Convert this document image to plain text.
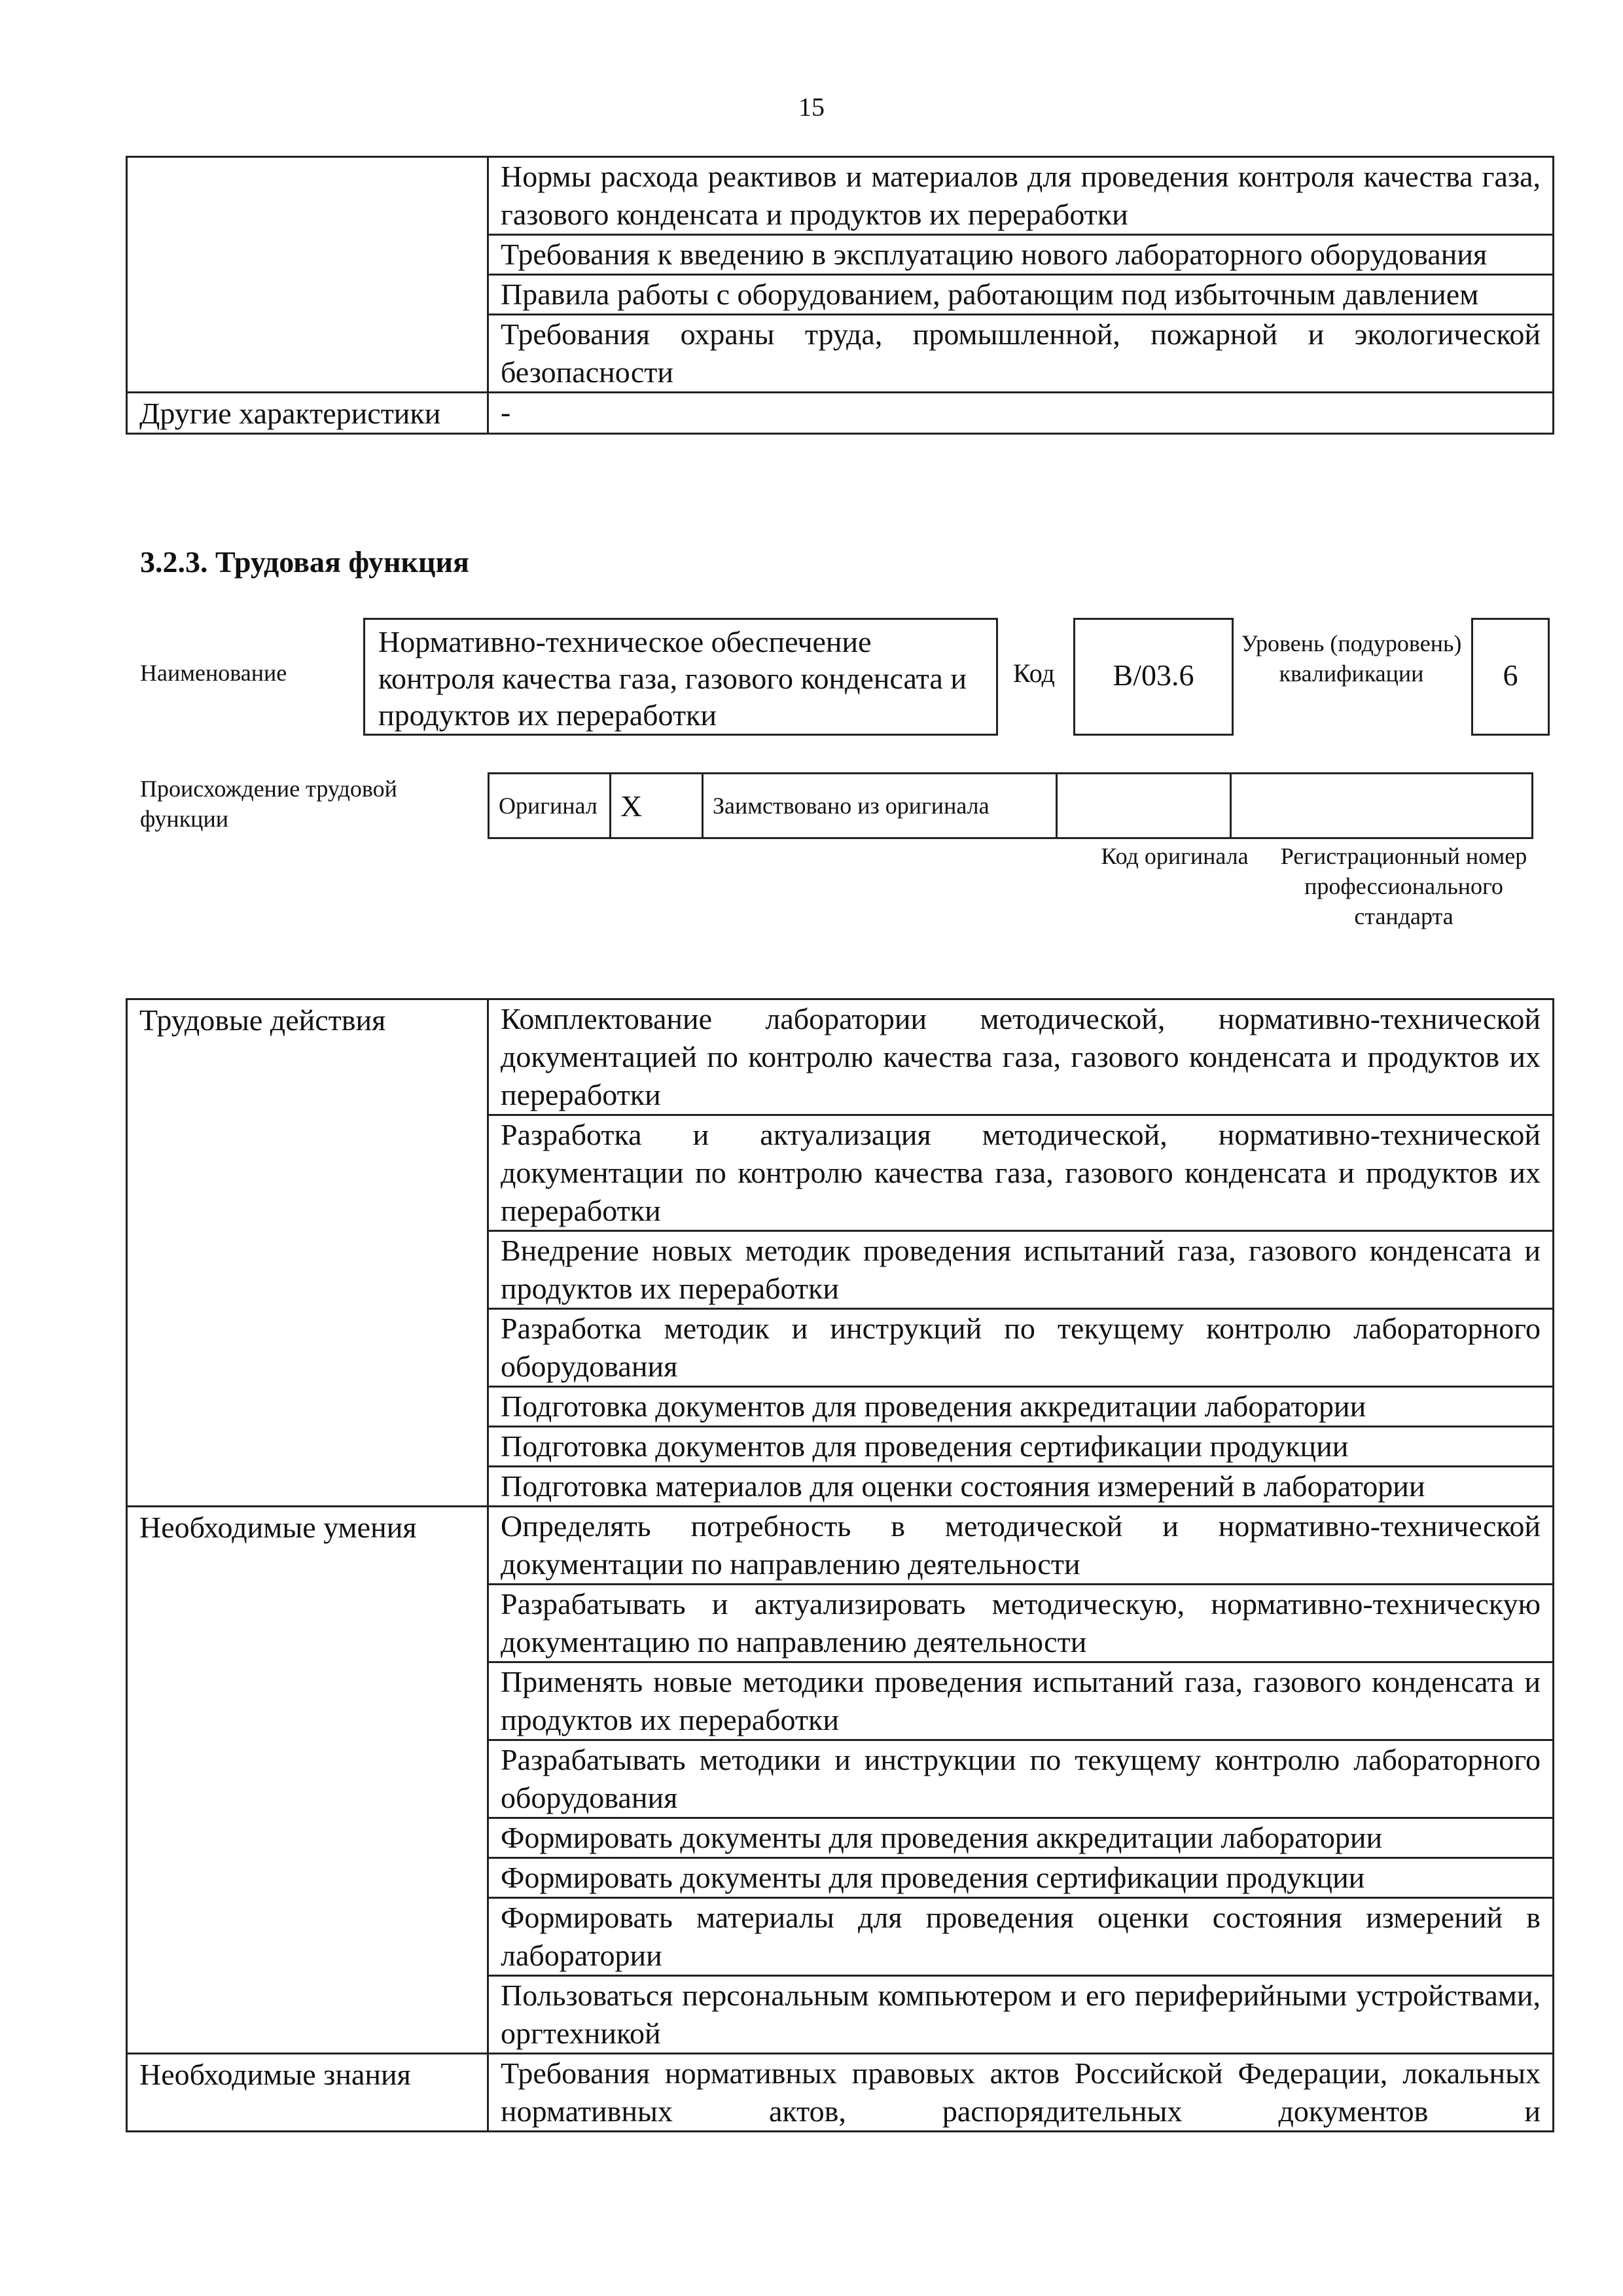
15
	Нормы расхода реактивов и материалов для проведения контроля качества газа, газового конденсата и продуктов их переработки
	Требования к введению в эксплуатацию нового лабораторного оборудования
	Правила работы с оборудованием, работающим под избыточным давлением
	Требования охраны труда, промышленной, пожарной и экологической безопасности
Другие характеристики	-
3.2.3. Трудовая функция
Наименование
Нормативно-техническое обеспечение контроля качества газа, газового конденсата и продуктов их переработки
Код	В/03.6
Уровень (подуровень) квалификации	6
Происхождение трудовой функции	Оригинал	X	Заимствовано из оригинала		
Код оригинала	Регистрационный номер профессионального стандарта
Трудовые действия	Комплектование лаборатории методической, нормативно-технической документацией по контролю качества газа, газового конденсата и продуктов их переработки
	Разработка и актуализация методической, нормативно-технической документации по контролю качества газа, газового конденсата и продуктов их переработки
	Внедрение новых методик проведения испытаний газа, газового конденсата и продуктов их переработки
	Разработка методик и инструкций по текущему контролю лабораторного оборудования
	Подготовка документов для проведения аккредитации лаборатории
	Подготовка документов для проведения сертификации продукции
	Подготовка материалов для оценки состояния измерений в лаборатории
Необходимые умения	Определять потребность в методической и нормативно-технической документации по направлению деятельности
	Разрабатывать и актуализировать методическую, нормативно-техническую документацию по направлению деятельности
	Применять новые методики проведения испытаний газа, газового конденсата и продуктов их переработки
	Разрабатывать методики и инструкции по текущему контролю лабораторного оборудования
	Формировать документы для проведения аккредитации лаборатории
	Формировать документы для проведения сертификации продукции
	Формировать материалы для проведения оценки состояния измерений в лаборатории
	Пользоваться персональным компьютером и его периферийными устройствами, оргтехникой
Необходимые знания	Требования нормативных правовых актов Российской Федерации, локальных нормативных актов, распорядительных документов и
